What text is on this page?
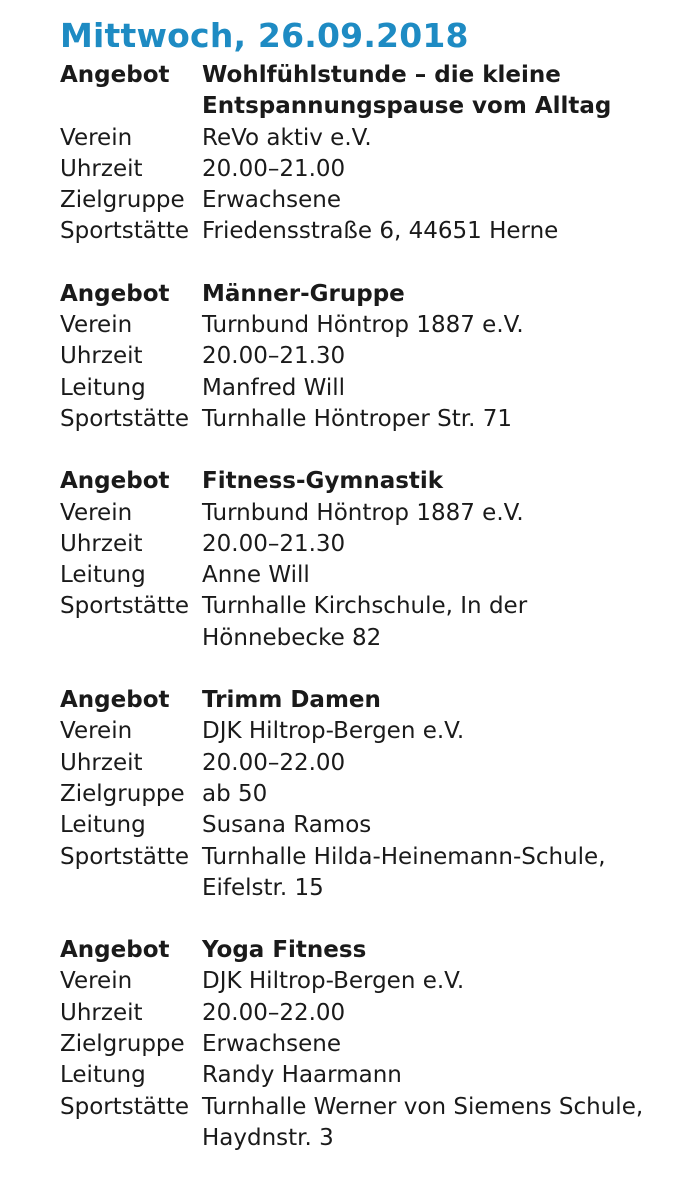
Mittwoch, 26.09.2018
Angebot	Wohlfühlstunde – die kleine Entspannungspause vom Alltag
Verein	ReVo aktiv e.V.
Uhrzeit	20.00–21.00
Zielgruppe Erwachsene
Sportstätte Friedensstraße 6, 44651 Herne
Angebot	Männer-Gruppe
Verein	Turnbund Höntrop 1887 e.V.
Uhrzeit	20.00–21.30
Leitung	Manfred Will
Sportstätte Turnhalle Höntroper Str. 71
Angebot	Fitness-Gymnastik
Verein	Turnbund Höntrop 1887 e.V.
Uhrzeit	20.00–21.30
Leitung	Anne Will
Sportstätte Turnhalle Kirchschule, In der Hönnebecke 82
Angebot	Trimm Damen
Verein	DJK Hiltrop-Bergen e.V.
Uhrzeit	20.00–22.00
Zielgruppe ab 50
Leitung	Susana Ramos
Sportstätte Turnhalle Hilda-Heinemann-Schule, Eifelstr. 15
Angebot	Yoga Fitness
Verein	DJK Hiltrop-Bergen e.V.
Uhrzeit	20.00–22.00
Zielgruppe Erwachsene
Leitung	Randy Haarmann
Sportstätte Turnhalle Werner von Siemens Schule, Haydnstr. 3
